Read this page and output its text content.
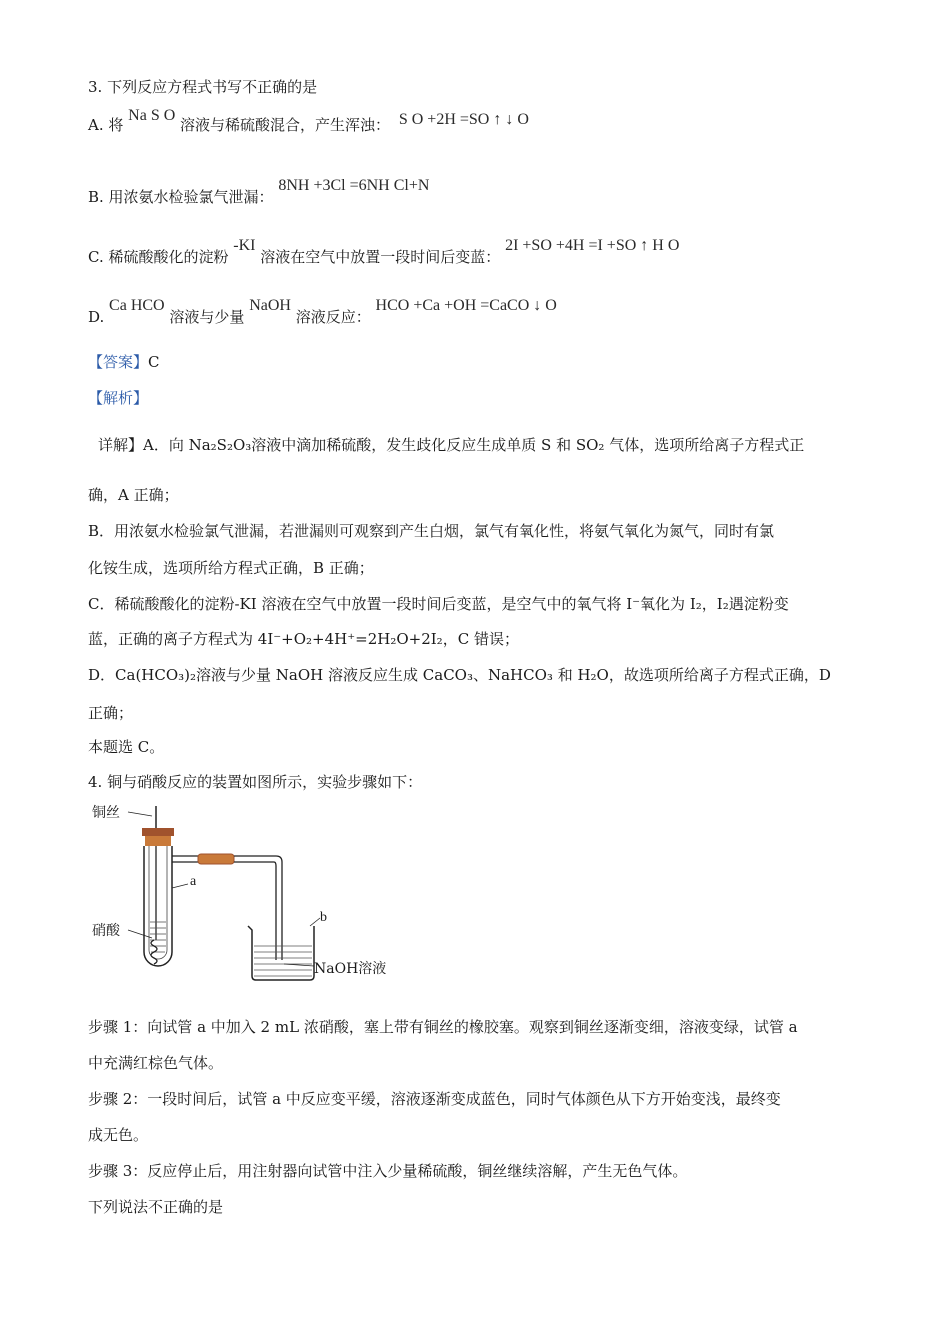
3. 下列反应方程式书写不正确的是
A. 将 Na S O 溶液与稀硫酸混合，产生浑浊： S O +2H =SO ↑ ↓ O
B. 用浓氨水检验氯气泄漏： 8NH +3Cl =6NH Cl+N
C. 稀硫酸酸化的淀粉 -KI 溶液在空气中放置一段时间后变蓝： 2I +SO +4H =I +SO ↑ H O
D. Ca HCO 溶液与少量 NaOH 溶液反应： HCO +Ca +OH =CaCO ↓ O
【答案】C
【解析】
详解】A．向 Na₂S₂O₃溶液中滴加稀硫酸，发生歧化反应生成单质 S 和 SO₂ 气体，选项所给离子方程式正
确，A 正确；
B．用浓氨水检验氯气泄漏，若泄漏则可观察到产生白烟，氯气有氧化性，将氨气氧化为氮气，同时有氯
化铵生成，选项所给方程式正确，B 正确；
C．稀硫酸酸化的淀粉-KI 溶液在空气中放置一段时间后变蓝，是空气中的氧气将 I⁻氧化为 I₂，I₂遇淀粉变
蓝，正确的离子方程式为 4I⁻+O₂+4H⁺=2H₂O+2I₂，C 错误；
D．Ca(HCO₃)₂溶液与少量 NaOH 溶液反应生成 CaCO₃、NaHCO₃ 和 H₂O，故选项所给离子方程式正确，D
正确；
本题选 C。
4. 铜与硝酸反应的装置如图所示，实验步骤如下：
铜丝
a
硝酸
b
NaOH溶液
步骤 1：向试管 a 中加入 2 mL 浓硝酸，塞上带有铜丝的橡胶塞。观察到铜丝逐渐变细，溶液变绿，试管 a
中充满红棕色气体。
步骤 2：一段时间后，试管 a 中反应变平缓，溶液逐渐变成蓝色，同时气体颜色从下方开始变浅，最终变
成无色。
步骤 3：反应停止后，用注射器向试管中注入少量稀硫酸，铜丝继续溶解，产生无色气体。
下列说法不正确的是
